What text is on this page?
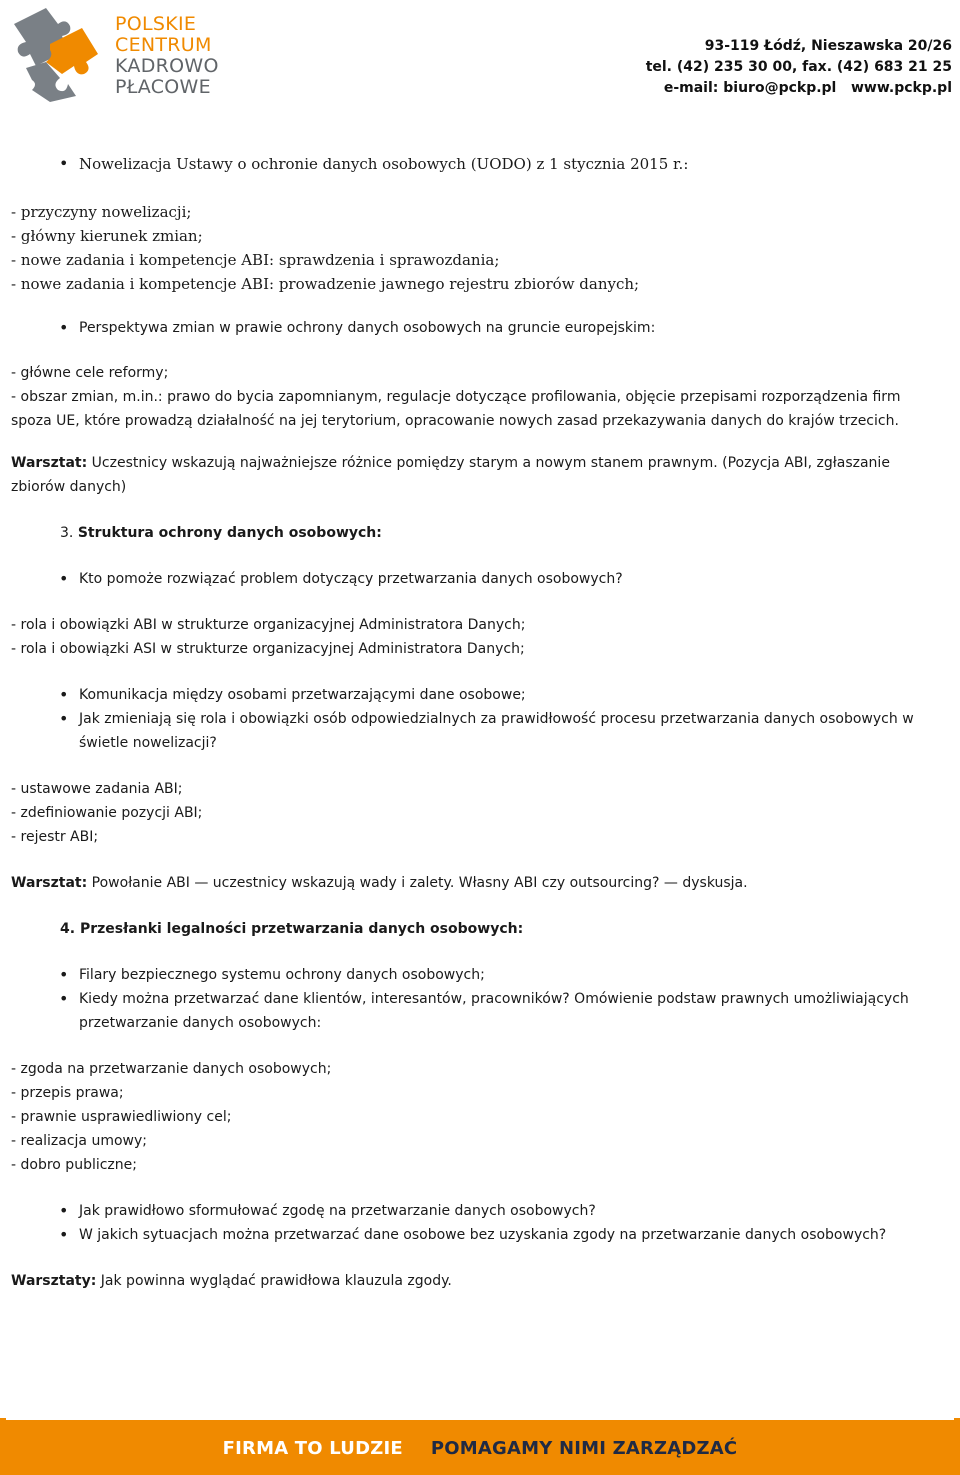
POLSKIE
CENTRUM
KADROWO
PŁACOWE
93-119 Łódź, Nieszawska 20/26
tel. (42) 235 30 00, fax. (42) 683 21 25
e-mail: biuro@pckp.pl   www.pckp.pl
• Nowelizacja Ustawy o ochronie danych osobowych (UODO) z 1 stycznia 2015 r.:

- przyczyny nowelizacji;

- główny kierunek zmian;

- nowe zadania i kompetencje ABI: sprawdzenia i sprawozdania;

- nowe zadania i kompetencje ABI: prowadzenie jawnego rejestru zbiorów danych;

• Perspektywa zmian w prawie ochrony danych osobowych na gruncie europejskim:

- główne cele reformy;

- obszar zmian, m.in.: prawo do bycia zapomnianym, regulacje dotyczące profilowania, objęcie przepisami rozporządzenia firm spoza UE, które prowadzą działalność na jej terytorium, opracowanie nowych zasad przekazywania danych do krajów trzecich.
Warsztat: Uczestnicy wskazują najważniejsze różnice pomiędzy starym a nowym stanem prawnym. (Pozycja ABI, zgłaszanie zbiorów danych)
3. Struktura ochrony danych osobowych:
• Kto pomoże rozwiązać problem dotyczący przetwarzania danych osobowych?

- rola i obowiązki ABI w strukturze organizacyjnej Administratora Danych;

- rola i obowiązki ASI w strukturze organizacyjnej Administratora Danych;

• Komunikacja między osobami przetwarzającymi dane osobowe;
• Jak zmieniają się rola i obowiązki osób odpowiedzialnych za prawidłowość procesu przetwarzania danych osobowych w świetle nowelizacji?

- ustawowe zadania ABI;

- zdefiniowanie pozycji ABI;

- rejestr ABI;

Warsztat: Powołanie ABI — uczestnicy wskazują wady i zalety. Własny ABI czy outsourcing? — dyskusja.
4. Przesłanki legalności przetwarzania danych osobowych:
• Filary bezpiecznego systemu ochrony danych osobowych;
• Kiedy można przetwarzać dane klientów, interesantów, pracowników? Omówienie podstaw prawnych umożliwiających przetwarzanie danych osobowych:

- zgoda na przetwarzanie danych osobowych;

- przepis prawa;

- prawnie usprawiedliwiony cel;

- realizacja umowy;

- dobro publiczne;

• Jak prawidłowo sformułować zgodę na przetwarzanie danych osobowych?
• W jakich sytuacjach można przetwarzać dane osobowe bez uzyskania zgody na przetwarzanie danych osobowych?
Warsztaty: Jak powinna wyglądać prawidłowa klauzula zgody.
FIRMA TO LUDZIE POMAGAMY NIMI ZARZĄDZAĆ
